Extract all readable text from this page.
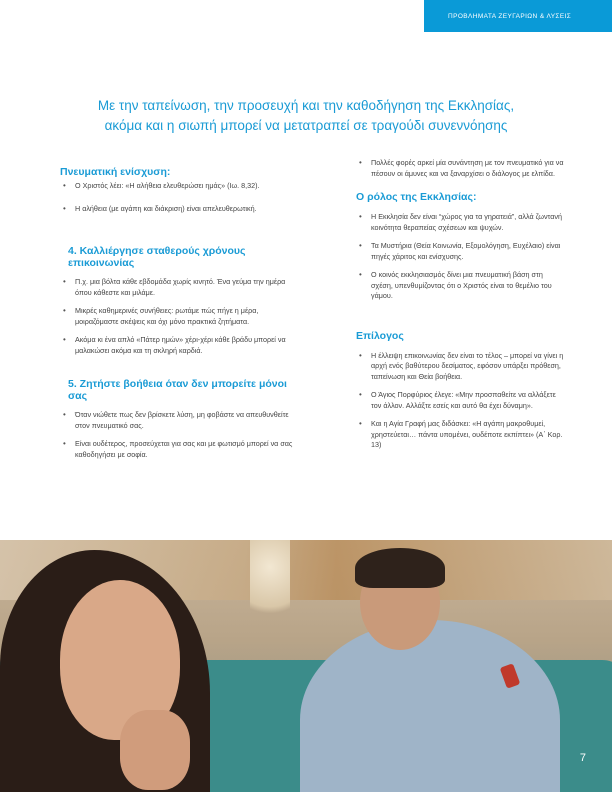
ΠΡΟΒΛΗΜΑΤΑ ΖΕΥΓΑΡΙΩΝ & ΛΥΣΕΙΣ
Με την ταπείνωση, την προσευχή και την καθοδήγηση της Εκκλησίας,
ακόμα και η σιωπή μπορεί να μετατραπεί σε τραγούδι συνεννόησης
Πνευματική ενίσχυση:
• Ο Χριστός λέει: «Η αλήθεια ελευθερώσει ημάς» (Ιω. 8,32).
• Η αλήθεια (με αγάπη και διάκριση) είναι απελευθερωτική.
4. Καλλιέργησε σταθερούς χρόνους επικοινωνίας
• Π.χ. μια βόλτα κάθε εβδομάδα χωρίς κινητό. Ένα γεύμα την ημέρα όπου κάθεστε και μιλάμε.
• Μικρές καθημερινές συνήθειες: ρωτάμε πώς πήγε η μέρα, μοιραζόμαστε σκέψεις και όχι μόνο πρακτικά ζητήματα.
• Ακόμα κι ένα απλό «Πάτερ ημών» χέρι-χέρι κάθε βράδυ μπορεί να μαλακώσει ακόμα και τη σκληρή καρδιά.
5. Ζητήστε βοήθεια όταν δεν μπορείτε μόνοι σας
• Όταν νιώθετε πως δεν βρίσκετε λύση, μη φοβάστε να απευθυνθείτε στον πνευματικό σας.
• Είναι ουδέτερος, προσεύχεται για σας και με φωτισμό μπορεί να σας καθοδηγήσει με σοφία.
• Πολλές φορές αρκεί μία συνάντηση με τον πνευματικό για να πέσουν οι άμυνες και να ξαναρχίσει ο διάλογος με ελπίδα.
Ο ρόλος της Εκκλησίας:
• Η Εκκλησία δεν είναι “χώρος για τα γηρατειά”, αλλά ζωντανή κοινότητα θεραπείας σχέσεων και ψυχών.
• Τα Μυστήρια (Θεία Κοινωνία, Εξομολόγηση, Ευχέλαιο) είναι πηγές χάριτος και ενίσχυσης.
• Ο κοινός εκκλησιασμός δίνει μια πνευματική βάση στη σχέση, υπενθυμίζοντας ότι ο Χριστός είναι το θεμέλιο του γάμου.
Επίλογος
• Η έλλειψη επικοινωνίας δεν είναι το τέλος – μπορεί να γίνει η αρχή ενός βαθύτερου δεσίματος, εφόσον υπάρξει πρόθεση, ταπείνωση και Θεία βοήθεια.
• Ο Άγιος Πορφύριος έλεγε: «Μην προσπαθείτε να αλλάξετε τον άλλον. Αλλάξτε εσείς και αυτό θα έχει δύναμη».
• Και η Αγία Γραφή μας διδάσκει: «Η αγάπη μακροθυμεί, χρηστεύεται… πάντα υπομένει, ουδέποτε εκπίπτει» (Α΄ Κορ. 13)
7
